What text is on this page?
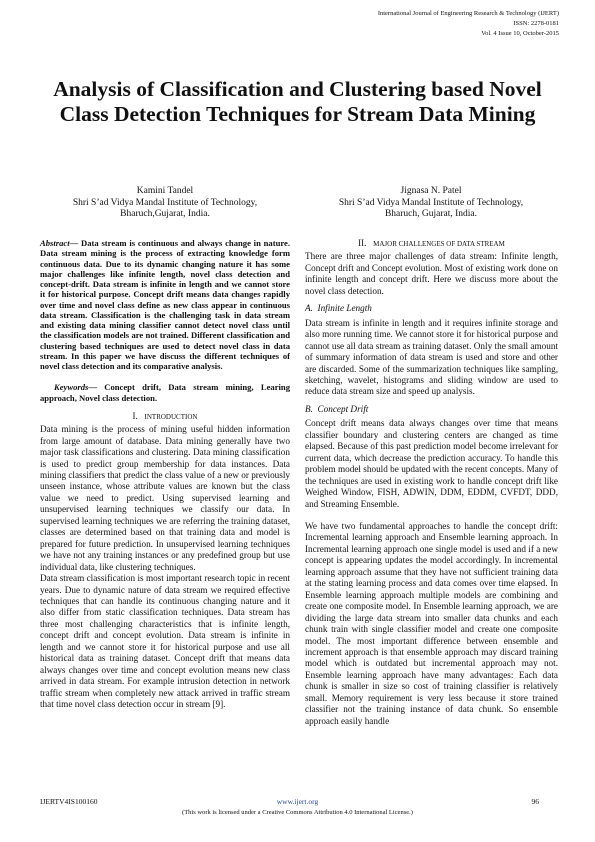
International Journal of Engineering Research & Technology (IJERT)
ISSN: 2278-0181
Vol. 4 Issue 10, October-2015
Analysis of Classification and Clustering based Novel Class Detection Techniques for Stream Data Mining
Kamini Tandel
Shri S’ad Vidya Mandal Institute of Technology,
Bharuch,Gujarat, India.
Jignasa N. Patel
Shri S’ad Vidya Mandal Institute of Technology,
Bharuch, Gujarat, India.

Abstract— Data stream is continuous and always change in nature. Data stream mining is the process of extracting knowledge form continuous data. Due to its dynamic changing nature it has some major challenges like infinite length, novel class detection and concept-drift. Data stream is infinite in length and we cannot store it for historical purpose. Concept drift means data changes rapidly over time and novel class define as new class appear in continuous data stream. Classification is the challenging task in data stream and existing data mining classifier cannot detect novel class until the classification models are not trained. Different classification and clustering based techniques are used to detect novel class in data stream. In this paper we have discuss the different techniques of novel class detection and its comparative analysis.

Keywords— Concept drift, Data stream mining, Learing approach, Novel class detection.

I. INTRODUCTION

Data mining is the process of mining useful hidden information from large amount of database. Data mining generally have two major task classifications and clustering. Data mining classification is used to predict group membership for data instances. Data mining classifiers that predict the class value of a new or previously unseen instance, whose attribute values are known but the class value we need to predict. Using supervised learning and unsupervised learning techniques we classify our data. In supervised learning techniques we are referring the training dataset, classes are determined based on that training data and model is prepared for future prediction. In unsupervised learning techniques we have not any training instances or any predefined group but use individual data, like clustering techniques.

Data stream classification is most important research topic in recent years. Due to dynamic nature of data stream we required effective techniques that can handle its continuous changing nature and it also differ from static classification techniques. Data stream has three most challenging characteristics that is infinite length, concept drift and concept evolution. Data stream is infinite in length and we cannot store it for historical purpose and use all historical data as training dataset. Concept drift that means data always changes over time and concept evolution means new class arrived in data stream. For example intrusion detection in network traffic stream when completely new attack arrived in traffic stream that time novel class detection occur in stream [9].

II. MAJOR CHALLENGES OF DATA STREAM

There are three major challenges of data stream: Infinite length, Concept drift and Concept evolution. Most of existing work done on infinite length and concept drift. Here we discuss more about the novel class detection.

A. Infinite Length

Data stream is infinite in length and it requires infinite storage and also more running time. We cannot store it for historical purpose and cannot use all data stream as training dataset. Only the small amount of summary information of data stream is used and store and other are discarded. Some of the summarization techniques like sampling, sketching, wavelet, histograms and sliding window are used to reduce data stream size and speed up analysis.

B. Concept Drift

Concept drift means data always changes over time that means classifier boundary and clustering centers are changed as time elapsed. Because of this past prediction model become irrelevant for current data, which decrease the prediction accuracy. To handle this problem model should be updated with the recent concepts. Many of the techniques are used in existing work to handle concept drift like Weighed Window, FISH, ADWIN, DDM, EDDM, CVFDT, DDD, and Streaming Ensemble.

We have two fundamental approaches to handle the concept drift: Incremental learning approach and Ensemble learning approach. In Incremental learning approach one single model is used and if a new concept is appearing updates the model accordingly. In incremental learning approach assume that they have not sufficient training data at the stating learning process and data comes over time elapsed. In Ensemble learning approach multiple models are combining and create one composite model. In Ensemble learning approach, we are dividing the large data stream into smaller data chunks and each chunk train with single classifier model and create one composite model. The most important difference between ensemble and increment approach is that ensemble approach may discard training model which is outdated but incremental approach may not. Ensemble learning approach have many advantages: Each data chunk is smaller in size so cost of training classifier is relatively small. Memory requirement is very less because it store trained classifier not the training instance of data chunk. So ensemble approach easily handle

IJERTV4IS100160	www.ijert.org	96
(This work is licensed under a Creative Commons Attribution 4.0 International License.)
